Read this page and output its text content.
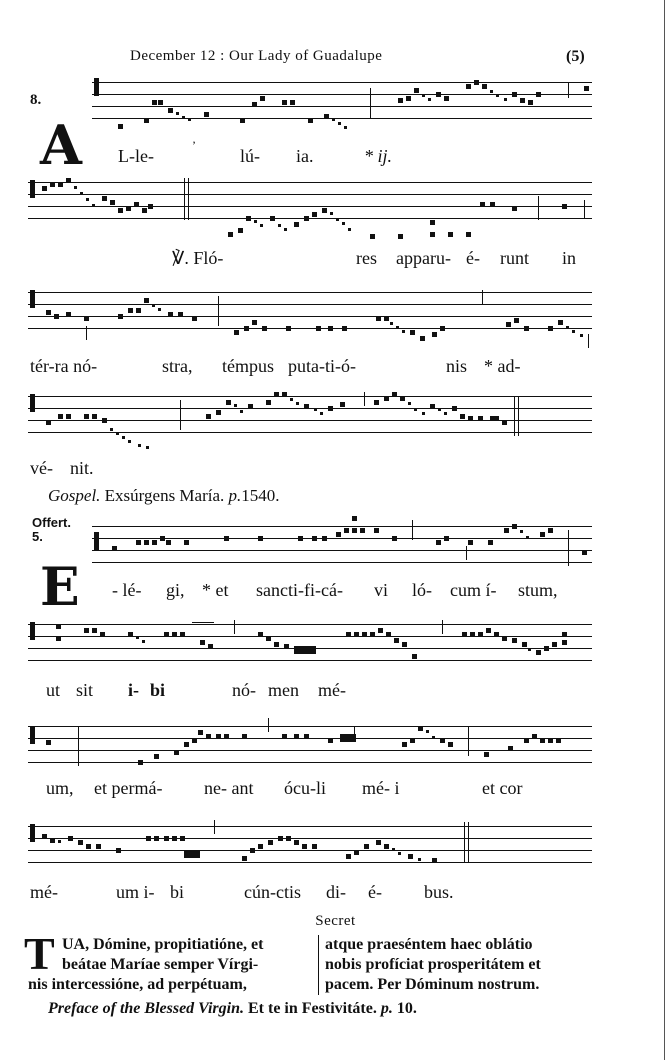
December 12 : Our Lady of Guadalupe	(5)
8.
A L-le-
’
lú- ia.	* ij.
℣. Fló-	res apparu- é- runt in
tér-ra nó-	stra, témpus puta-ti-ó-	nis * ad-
vé- nit.
Gospel. Exsúrgens María. p.1540.
Offert.
5.
E - lé- gi, * et sancti-fi-cá- vi ló- cum í- stum,
ut sit i- bi	nó- men mé-
um, et permá- ne- ant ócu-li mé- i	et cor
mé-	um i- bi	cún-ctis di- é- bus.
Secret
T UA, Dómine, propitiatióne, et
beátae Maríae semper Vírgi-
nis intercessióne, ad perpétuam,
atque praeséntem haec oblátio
nobis profíciat prosperitátem et
pacem. Per Dóminum nostrum.
Preface of the Blessed Virgin. Et te in Festivitáte. p. 10.
